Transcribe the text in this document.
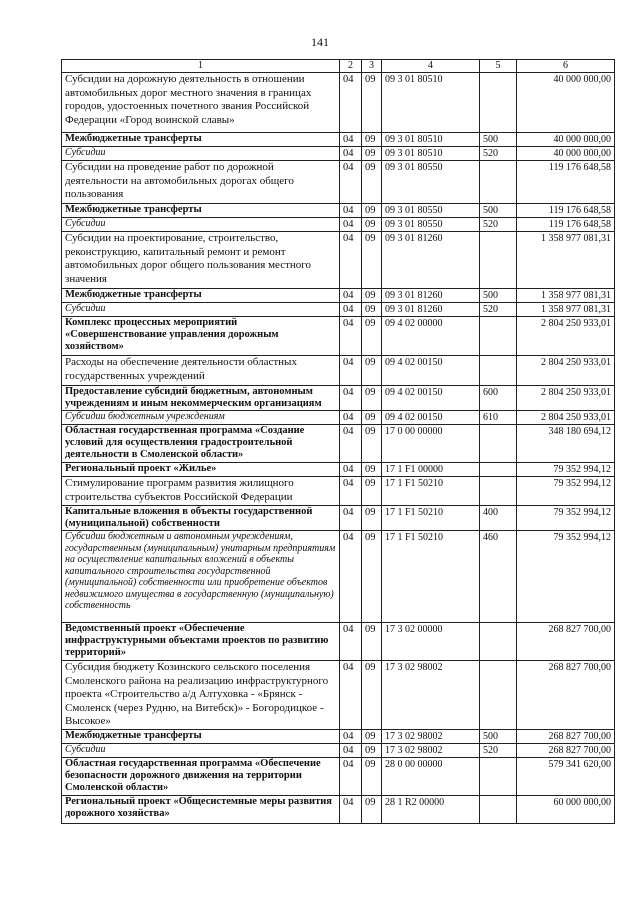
141
1	2	3	4	5	6
Субсидии на дорожную деятельность в отношении автомобильных дорог местного значения в границах городов, удостоенных почетного звания Российской Федерации «Город воинской славы»	04	09	09 3 01 80510		40 000 000,00
Межбюджетные трансферты	04	09	09 3 01 80510	500	40 000 000,00
Субсидии	04	09	09 3 01 80510	520	40 000 000,00
Субсидии на проведение работ по дорожной деятельности на автомобильных дорогах общего пользования	04	09	09 3 01 80550		119 176 648,58
Межбюджетные трансферты	04	09	09 3 01 80550	500	119 176 648,58
Субсидии	04	09	09 3 01 80550	520	119 176 648,58
Субсидии на проектирование, строительство, реконструкцию, капитальный ремонт и ремонт автомобильных дорог общего пользования местного значения	04	09	09 3 01 81260		1 358 977 081,31
Межбюджетные трансферты	04	09	09 3 01 81260	500	1 358 977 081,31
Субсидии	04	09	09 3 01 81260	520	1 358 977 081,31
Комплекс процессных мероприятий «Совершенствование управления дорожным хозяйством»	04	09	09 4 02 00000		2 804 250 933,01
Расходы на обеспечение деятельности областных государственных учреждений	04	09	09 4 02 00150		2 804 250 933,01
Предоставление субсидий бюджетным, автономным учреждениям и иным некоммерческим организациям	04	09	09 4 02 00150	600	2 804 250 933,01
Субсидии бюджетным учреждениям	04	09	09 4 02 00150	610	2 804 250 933,01
Областная государственная программа «Создание условий для осуществления градостроительной деятельности в Смоленской области»	04	09	17 0 00 00000		348 180 694,12
Региональный проект «Жилье»	04	09	17 1 F1 00000		79 352 994,12
Стимулирование программ развития жилищного строительства субъектов Российской Федерации	04	09	17 1 F1 50210		79 352 994,12
Капитальные вложения в объекты государственной (муниципальной) собственности	04	09	17 1 F1 50210	400	79 352 994,12
Субсидии бюджетным и автономным учреждениям, государственным (муниципальным) унитарным предприятиям на осуществление капитальных вложений в объекты капитального строительства государственной (муниципальной) собственности или приобретение объектов недвижимого имущества в государственную (муниципальную) собственность	04	09	17 1 F1 50210	460	79 352 994,12
Ведомственный проект «Обеспечение инфраструктурными объектами проектов по развитию территорий»	04	09	17 3 02 00000		268 827 700,00
Субсидия бюджету Козинского сельского поселения Смоленского района на реализацию инфраструктурного проекта «Строительство а/д Алтуховка - «Брянск - Смоленск (через Рудню, на Витебск)» - Богородицкое - Высокое»	04	09	17 3 02 98002		268 827 700,00
Межбюджетные трансферты	04	09	17 3 02 98002	500	268 827 700,00
Субсидии	04	09	17 3 02 98002	520	268 827 700,00
Областная государственная программа «Обеспечение безопасности дорожного движения на территории Смоленской области»	04	09	28 0 00 00000		579 341 620,00
Региональный проект «Общесистемные меры развития дорожного хозяйства»	04	09	28 1 R2 00000		60 000 000,00
